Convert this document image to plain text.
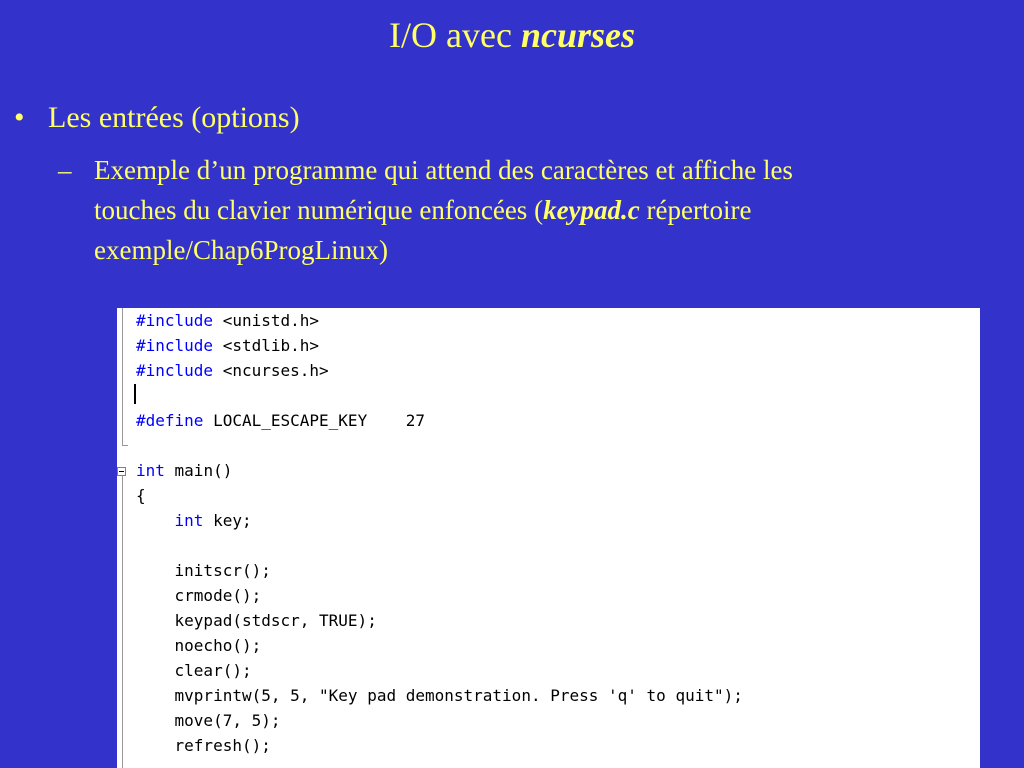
I/O avec ncurses
• Les entrées (options)
– Exemple d’un programme qui attend des caractères et affiche les
touches du clavier numérique enfoncées (keypad.c répertoire
exemple/Chap6ProgLinux)
#include <unistd.h>
#include <stdlib.h>
#include <ncurses.h>
#define LOCAL_ESCAPE_KEY    27
int main()
{
int key;
initscr();
crmode();
keypad(stdscr, TRUE);
noecho();
clear();
mvprintw(5, 5, "Key pad demonstration. Press 'q' to quit");
move(7, 5);
refresh();
